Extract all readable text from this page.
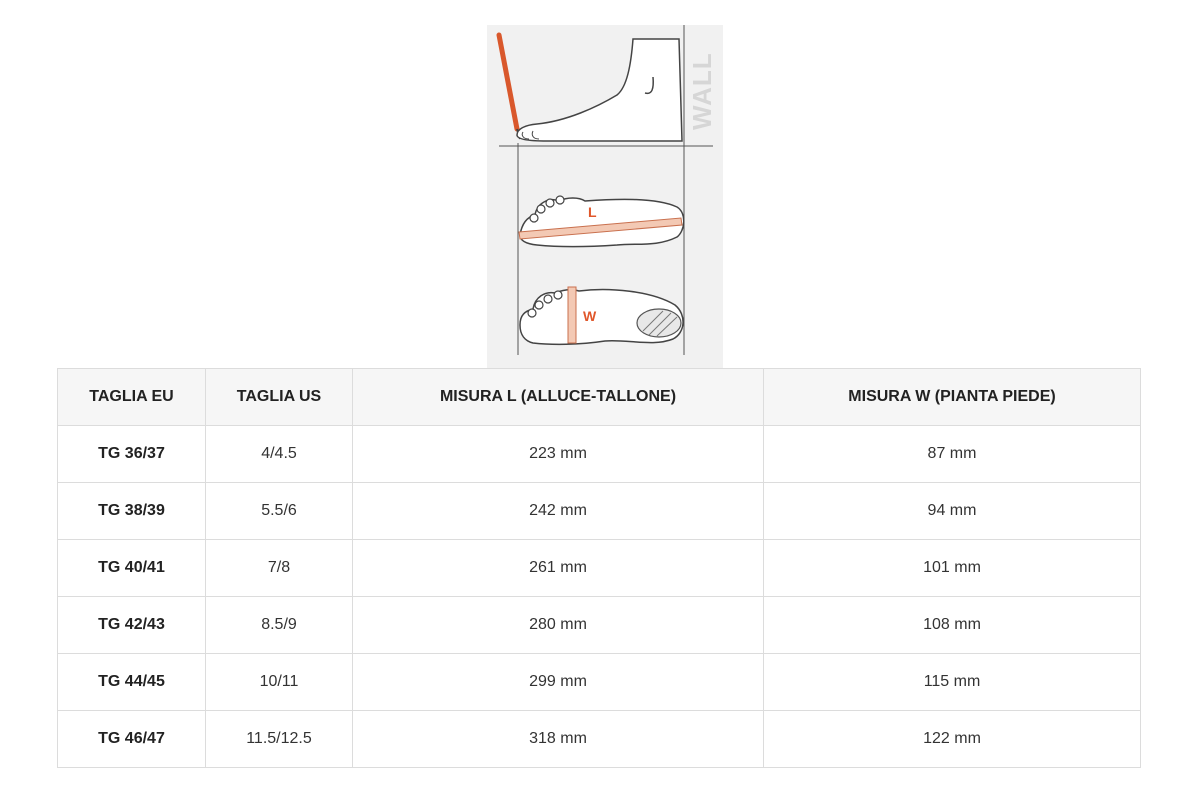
WALL
L
W
TAGLIA EU	TAGLIA US	MISURA L (ALLUCE-TALLONE)	MISURA W (PIANTA PIEDE)
TG 36/37	4/4.5	223 mm	87 mm
TG 38/39	5.5/6	242 mm	94 mm
TG 40/41	7/8	261 mm	101 mm
TG 42/43	8.5/9	280 mm	108 mm
TG 44/45	10/11	299 mm	115 mm
TG 46/47	11.5/12.5	318 mm	122 mm
